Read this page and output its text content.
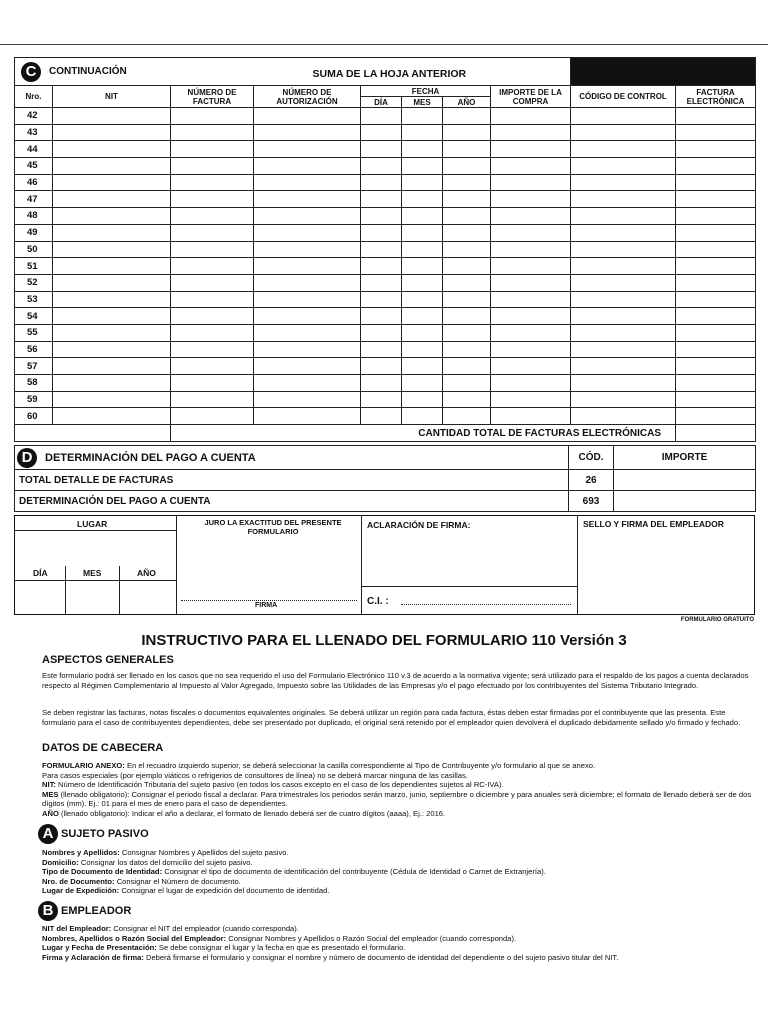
C CONTINUACIÓN SUMA DE LA HOJA ANTERIOR									

Nro.	NIT	NÚMERO DE FACTURA	NÚMERO DE AUTORIZACIÓN	FECHA			IMPORTE DE LA COMPRA	CÓDIGO DE CONTROL	FACTURA ELECTRÓNICA
				DÍA	MES	AÑO			
42									
43									
44									
45									
46									
47									
48									
49									
50									
51									
52									
53									
54									
55									
56									
57									
58									
59									
60									
		CANTIDAD TOTAL DE FACTURAS ELECTRÓNICAS							
D DETERMINACIÓN DEL PAGO A CUENTA	CÓD.	IMPORTE
TOTAL DETALLE DE FACTURAS	26	
DETERMINACIÓN DEL PAGO A CUENTA	693	
LUGAR
DÍA	MES	AÑO
JURO LA EXACTITUD DEL PRESENTE FORMULARIO
FIRMA
ACLARACIÓN DE FIRMA:
C.I. :
SELLO Y FIRMA DEL EMPLEADOR
FORMULARIO GRATUITO
INSTRUCTIVO PARA EL LLENADO DEL FORMULARIO 110 Versión 3
ASPECTOS GENERALES
Este formulario podrá ser llenado en los casos que no sea requerido el uso del Formulario Electrónico 110 v.3 de acuerdo a la normativa vigente; será utilizado para el respaldo de los pagos a cuenta declarados respecto al Régimen Complementario al Impuesto al Valor Agregado, Impuesto sobre las Utilidades de las Empresas y/o el pago efectuado por los contribuyentes del Sistema Tributario Integrado.
Se deben registrar las facturas, notas fiscales o documentos equivalentes originales. Se deberá utilizar un región para cada factura, éstas deben estar firmadas por el contribuyente que las presenta. Este formulario para el caso de contribuyentes dependientes, debe ser presentado por duplicado, el original será retenido por el empleador quien devolverá el duplicado debidamente sellado y/o firmado y fechado.
DATOS DE CABECERA
FORMULARIO ANEXO: En el recuadro izquierdo superior, se deberá seleccionar la casilla correspondiente al Tipo de Contribuyente y/o formulario al que se anexo.
Para casos especiales (por ejemplo viáticos o refrigerios de consultores de línea) no se deberá marcar ninguna de las casillas.
NIT: Número de Identificación Tributaria del sujeto pasivo (en todos los casos excepto en el caso de los dependientes sujetos al RC-IVA).
MES (llenado obligatorio): Consignar el periodo fiscal a declarar. Para trimestrales los periodos serán marzo, junio, septiembre o diciembre y para anuales será diciembre; el formato de llenado deberá ser de dos dígitos (mm). Ej.: 01 para el mes de enero para el caso de dependientes.
AÑO (llenado obligatorio): Indicar el año a declarar, el formato de llenado deberá ser de cuatro dígitos (aaaa), Ej.: 2016.
A SUJETO PASIVO
Nombres y Apellidos: Consignar Nombres y Apellidos del sujeto pasivo.
Domicilio: Consignar los datos del domicilio del sujeto pasivo.
Tipo de Documento de Identidad: Consignar el tipo de documento de identificación del contribuyente (Cédula de Identidad o Carnet de Extranjería).
Nro. de Documento: Consignar el Número de documento.
Lugar de Expedición: Consignar el lugar de expedición del documento de identidad.
B EMPLEADOR
NIT del Empleador: Consignar el NIT del empleador (cuando corresponda).
Nombres, Apellidos o Razón Social del Empleador: Consignar Nombres y Apellidos o Razón Social del empleador (cuando corresponda).
Lugar y Fecha de Presentación: Se debe consignar el lugar y la fecha en que es presentado el formulario.
Firma y Aclaración de firma: Deberá firmarse el formulario y consignar el nombre y número de documento de identidad del dependiente o del sujeto pasivo titular del NIT.
